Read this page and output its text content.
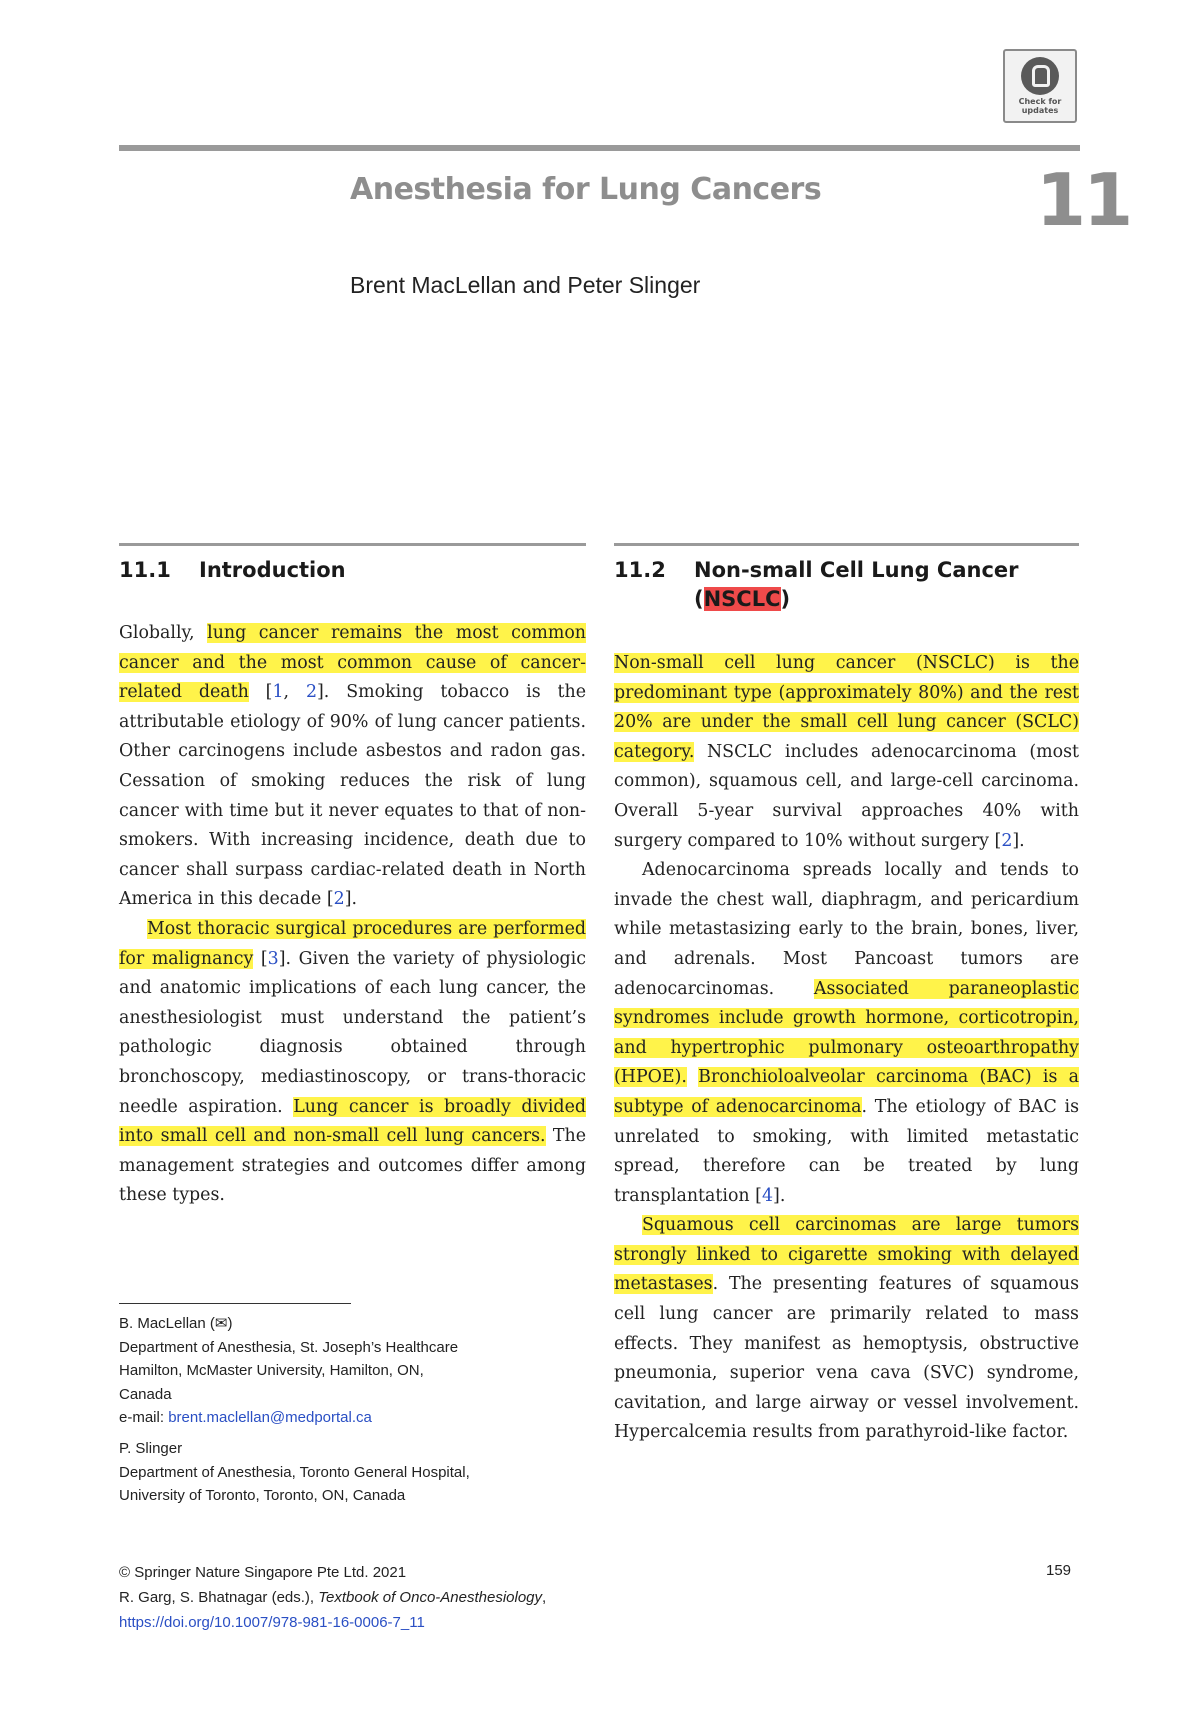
Check for
updates
Anesthesia for Lung Cancers	11
Brent MacLellan and Peter Slinger
11.1 Introduction

Globally, lung cancer remains the most common cancer and the most common cause of cancer-related death [1, 2]. Smoking tobacco is the attributable etiology of 90% of lung cancer patients. Other carcinogens include asbestos and radon gas. Cessation of smoking reduces the risk of lung cancer with time but it never equates to that of non-smokers. With increasing incidence, death due to cancer shall surpass cardiac-related death in North America in this decade [2].

Most thoracic surgical procedures are performed for malignancy [3]. Given the variety of physiologic and anatomic implications of each lung cancer, the anesthesiologist must understand the patient’s pathologic diagnosis obtained through bronchoscopy, mediastinoscopy, or trans-thoracic needle aspiration. Lung cancer is broadly divided into small cell and non-small cell lung cancers. The management strategies and outcomes differ among these types.

B. MacLellan (✉)

Department of Anesthesia, St. Joseph’s Healthcare

Hamilton, McMaster University, Hamilton, ON,

Canada

e-mail: brent.maclellan@medportal.ca

P. Slinger

Department of Anesthesia, Toronto General Hospital,

University of Toronto, Toronto, ON, Canada

11.2 Non-small Cell Lung Cancer
(NSCLC)

Non-small cell lung cancer (NSCLC) is the predominant type (approximately 80%) and the rest 20% are under the small cell lung cancer (SCLC) category. NSCLC includes adenocarcinoma (most common), squamous cell, and large-cell carcinoma. Overall 5-year survival approaches 40% with surgery compared to 10% without surgery [2].

Adenocarcinoma spreads locally and tends to invade the chest wall, diaphragm, and pericardium while metastasizing early to the brain, bones, liver, and adrenals. Most Pancoast tumors are adenocarcinomas. Associated paraneoplastic syndromes include growth hormone, corticotropin, and hypertrophic pulmonary osteoarthropathy (HPOE). Bronchioloalveolar carcinoma (BAC) is a subtype of adenocarcinoma. The etiology of BAC is unrelated to smoking, with limited metastatic spread, therefore can be treated by lung transplantation [4].

Squamous cell carcinomas are large tumors strongly linked to cigarette smoking with delayed metastases. The presenting features of squamous cell lung cancer are primarily related to mass effects. They manifest as hemoptysis, obstructive pneumonia, superior vena cava (SVC) syndrome, cavitation, and large airway or vessel involvement. Hypercalcemia results from parathyroid-like factor.

© Springer Nature Singapore Pte Ltd. 2021

R. Garg, S. Bhatnagar (eds.), Textbook of Onco-Anesthesiology,

https://doi.org/10.1007/978-981-16-0006-7_11

159
